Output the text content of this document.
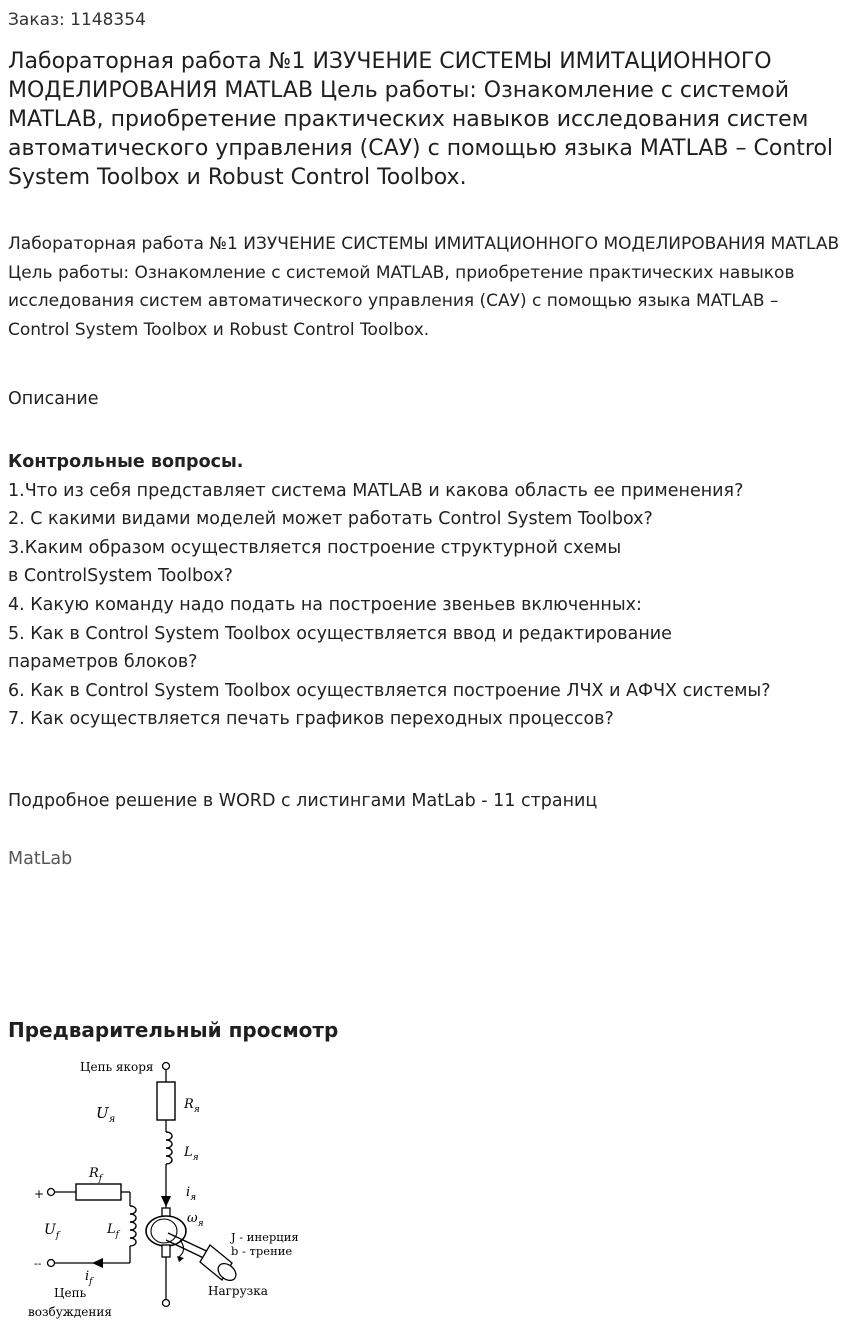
Заказ: 1148354
Лабораторная работа №1 ИЗУЧЕНИЕ СИСТЕМЫ ИМИТАЦИОННОГО МОДЕЛИРОВАНИЯ MATLAB Цель работы: Ознакомление с системой MATLAB, приобретение практических навыков исследования систем автоматического управления (САУ) с помощью языка MATLAB – Control System Toolbox и Robust Control Toolbox.

Лабораторная работа №1 ИЗУЧЕНИЕ СИСТЕМЫ ИМИТАЦИОННОГО МОДЕЛИРОВАНИЯ MATLAB Цель работы: Ознакомление с системой MATLAB, приобретение практических навыков исследования систем автоматического управления (САУ) с помощью языка MATLAB – Control System Toolbox и Robust Control Toolbox.

Описание
Контрольные вопросы.
1.Что из себя представляет система MATLAB и какова область ее применения?
2. С какими видами моделей может работать Control System Toolbox?
3.Каким образом осуществляется построение структурной схемы
в ControlSystem Toolbox?
4. Какую команду надо подать на построение звеньев включенных:
5. Как в Control System Toolbox осуществляется ввод и редактирование
параметров блоков?
6. Как в Control System Toolbox осуществляется построение ЛЧХ и АФЧХ системы?
7. Как осуществляется печать графиков переходных процессов?
Подробное решение в WORD с листингами MatLab - 11 страниц
MatLab
Предварительный просмотр
Цепь якоря
$R_я$
$U_я$
$L_я$
$i_я$
$\omega_я$
J - инерция
b - трение
Нагрузка
+
$R_f$
$L_f$
$U_f$
--
$i_f$
Цепь
возбуждения
